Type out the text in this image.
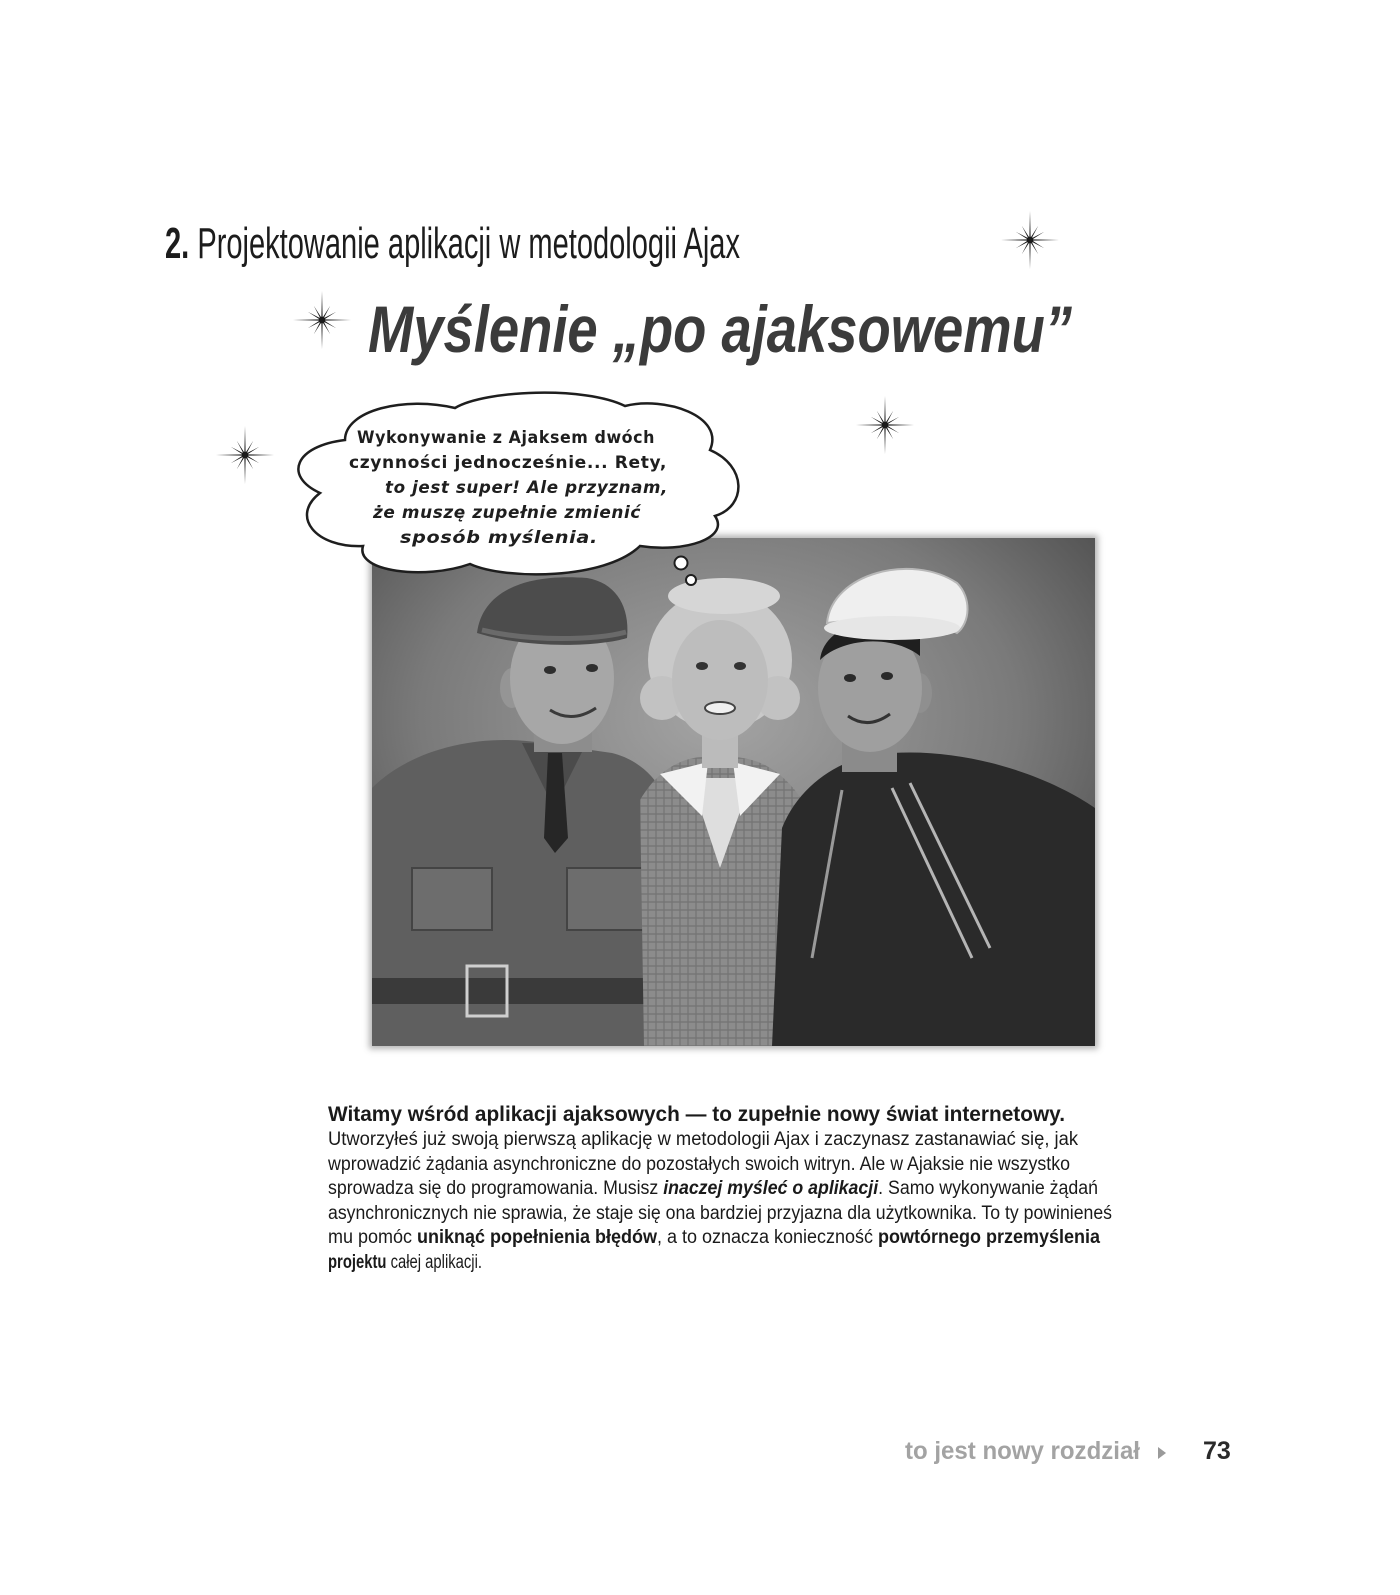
2. Projektowanie aplikacji w metodologii Ajax
Myślenie „po ajaksowemu”
Wykonywanie z Ajaksem dwóch
czynności jednocześnie... Rety,
to jest super! Ale przyznam,
że muszę zupełnie zmienić
sposób myślenia.
Witamy wśród aplikacji ajaksowych — to zupełnie nowy świat internetowy.
Utworzyłeś już swoją pierwszą aplikację w metodologii Ajax i zaczynasz zastanawiać się, jak
wprowadzić żądania asynchroniczne do pozostałych swoich witryn. Ale w Ajaksie nie wszystko
sprowadza się do programowania. Musisz inaczej myśleć o aplikacji. Samo wykonywanie żądań
asynchronicznych nie sprawia, że staje się ona bardziej przyjazna dla użytkownika. To ty powinieneś
mu pomóc uniknąć popełnienia błędów, a to oznacza konieczność powtórnego przemyślenia
projektu całej aplikacji.
to jest nowy rozdział	73
